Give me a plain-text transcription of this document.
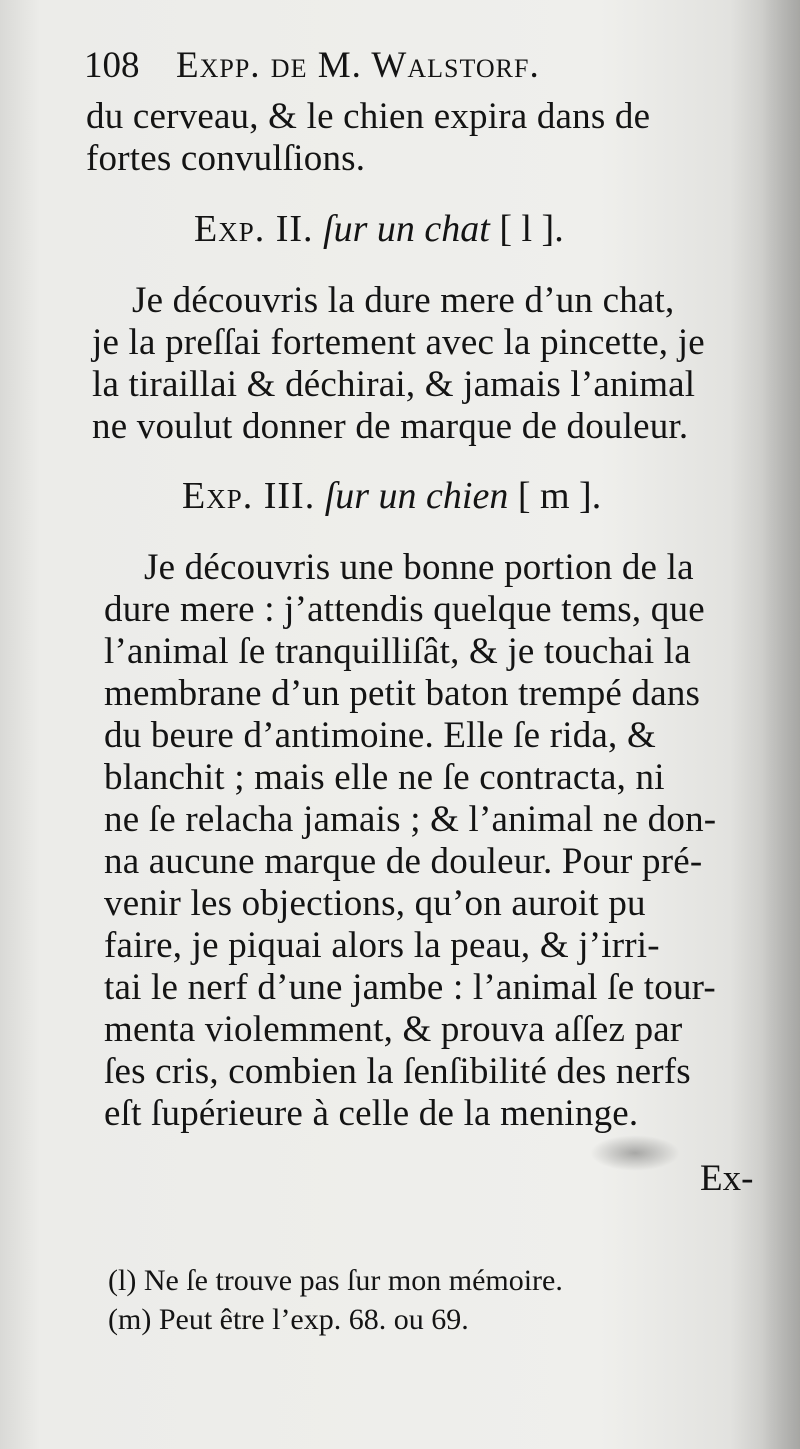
108 Expp. de M. Walstorf.
du cerveau, & le chien expira dans de
fortes convulſions.
Exp. II. ſur un chat [ l ].
Je découvris la dure mere d’un chat,
je la preſſai fortement avec la pincette, je
la tiraillai & déchirai, & jamais l’animal
ne voulut donner de marque de douleur.
Exp. III. ſur un chien [ m ].
Je découvris une bonne portion de la
dure mere : j’attendis quelque tems, que
l’animal ſe tranquilliſât, & je touchai la
membrane d’un petit baton trempé dans
du beure d’antimoine. Elle ſe rida, &
blanchit ; mais elle ne ſe contracta, ni
ne ſe relacha jamais ; & l’animal ne don-
na aucune marque de douleur. Pour pré-
venir les objections, qu’on auroit pu
faire, je piquai alors la peau, & j’irri-
tai le nerf d’une jambe : l’animal ſe tour-
menta violemment, & prouva aſſez par
ſes cris, combien la ſenſibilité des nerfs
eſt ſupérieure à celle de la meninge.
Ex-
(l) Ne ſe trouve pas ſur mon mémoire.
(m) Peut être l’exp. 68. ou 69.
